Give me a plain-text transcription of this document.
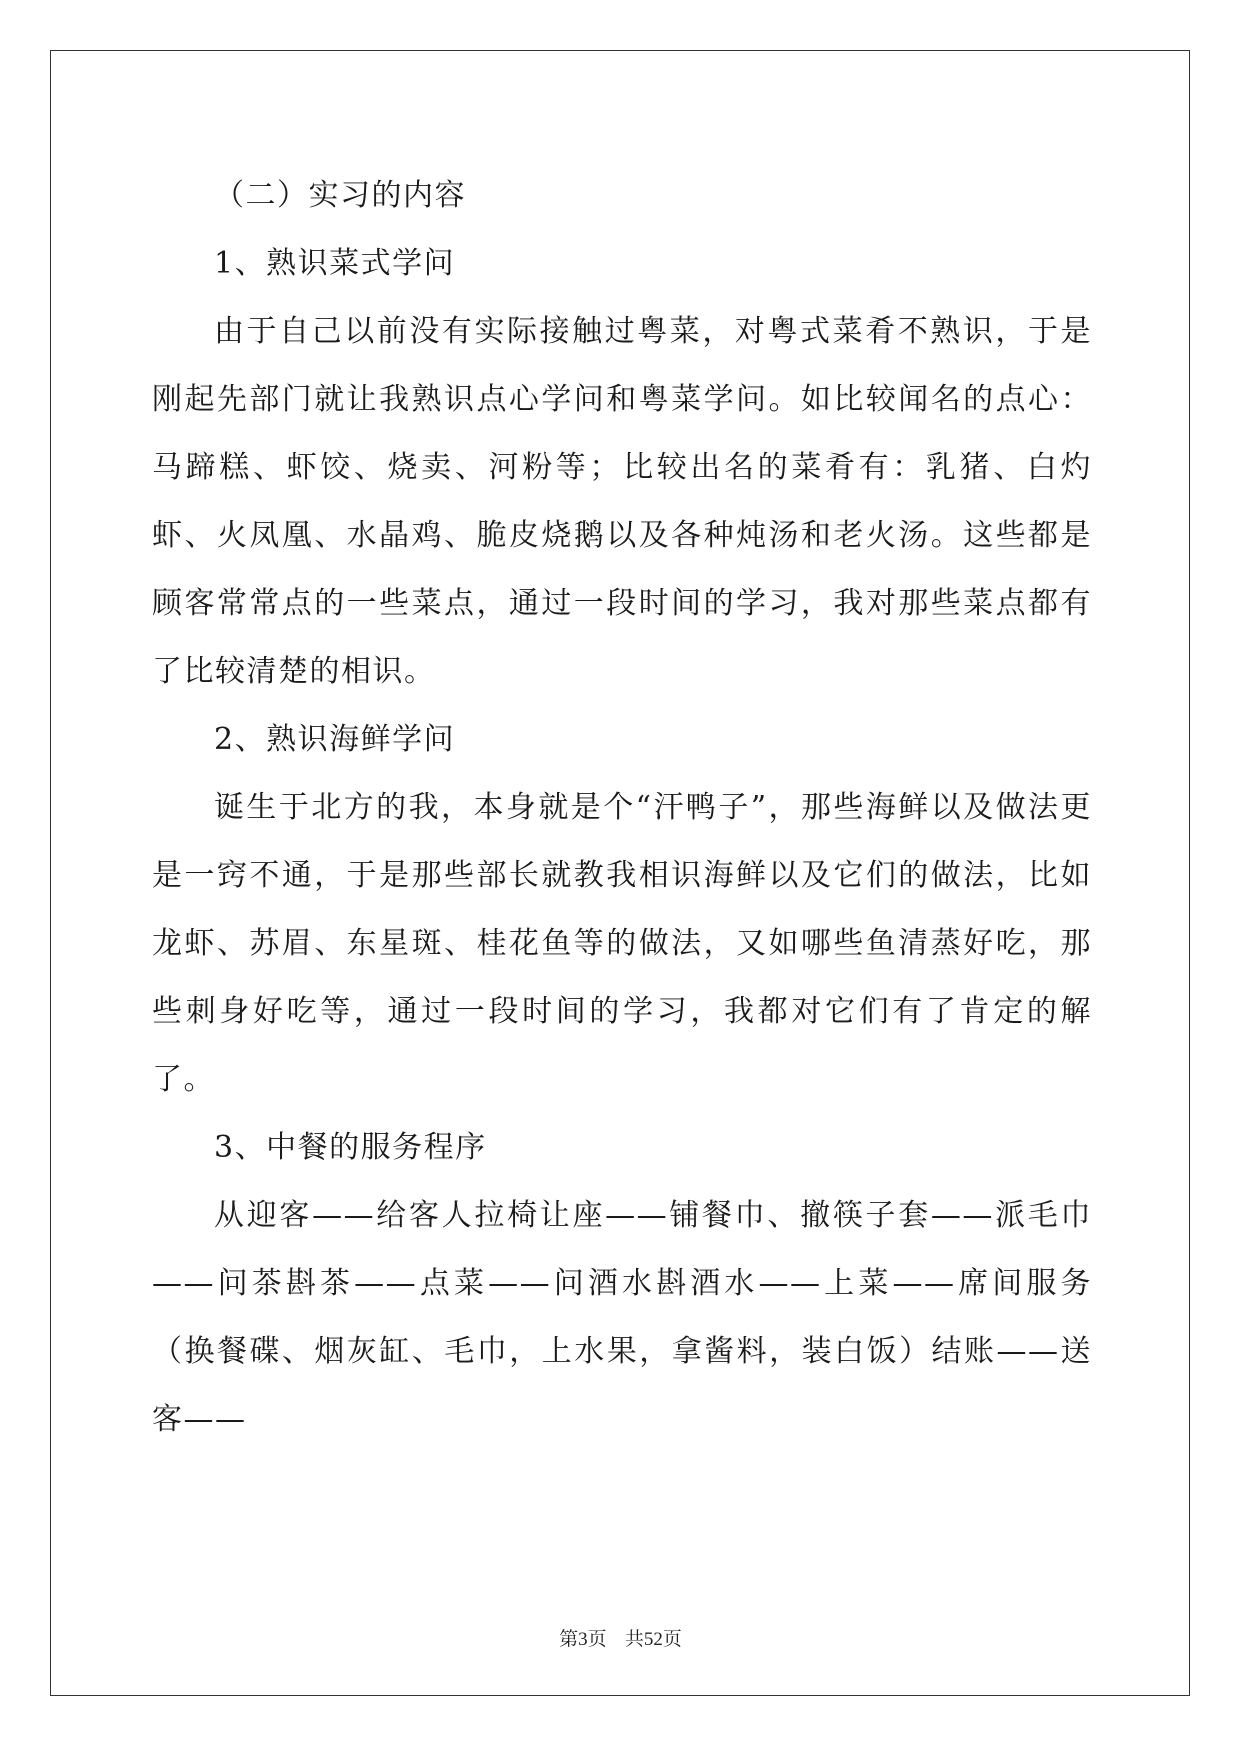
（二）实习的内容

1、熟识菜式学问

由于自己以前没有实际接触过粤菜，对粤式菜肴不熟识，于是刚起先部门就让我熟识点心学问和粤菜学问。如比较闻名的点心：马蹄糕、虾饺、烧卖、河粉等；比较出名的菜肴有：乳猪、白灼虾、火凤凰、水晶鸡、脆皮烧鹅以及各种炖汤和老火汤。这些都是顾客常常点的一些菜点，通过一段时间的学习，我对那些菜点都有了比较清楚的相识。

2、熟识海鲜学问

诞生于北方的我，本身就是个“汗鸭子”，那些海鲜以及做法更是一窍不通，于是那些部长就教我相识海鲜以及它们的做法，比如龙虾、苏眉、东星斑、桂花鱼等的做法，又如哪些鱼清蒸好吃，那些刺身好吃等，通过一段时间的学习，我都对它们有了肯定的解了。

3、中餐的服务程序

从迎客——给客人拉椅让座——铺餐巾、撤筷子套——派毛巾——问茶斟茶——点菜——问酒水斟酒水——上菜——席间服务（换餐碟、烟灰缸、毛巾，上水果，拿酱料，装白饭）结账——送客——

第3页 共52页
